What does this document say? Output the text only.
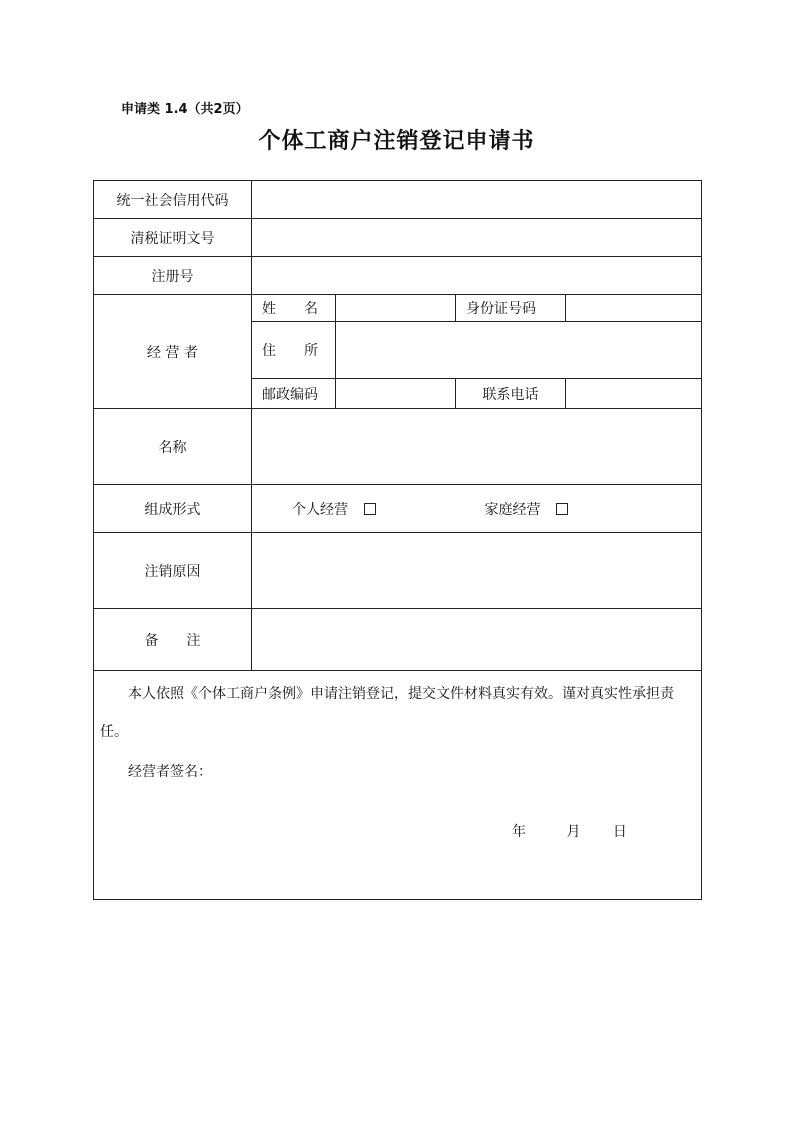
申请类 1.4（共2页）
个体工商户注销登记申请书
统一社会信用代码				
清税证明文号				
注册号				
经 营 者	姓　　名		身份证号码	
	住　　所			
	邮政编码		联系电话	
名称				
组成形式	个人经营 家庭经营			
注销原因				
备　　注				

本人依照《个体工商户条例》申请注销登记，提交文件材料真实有效。谨对真实性承担责任。
经营者签名：
年 月 日				
